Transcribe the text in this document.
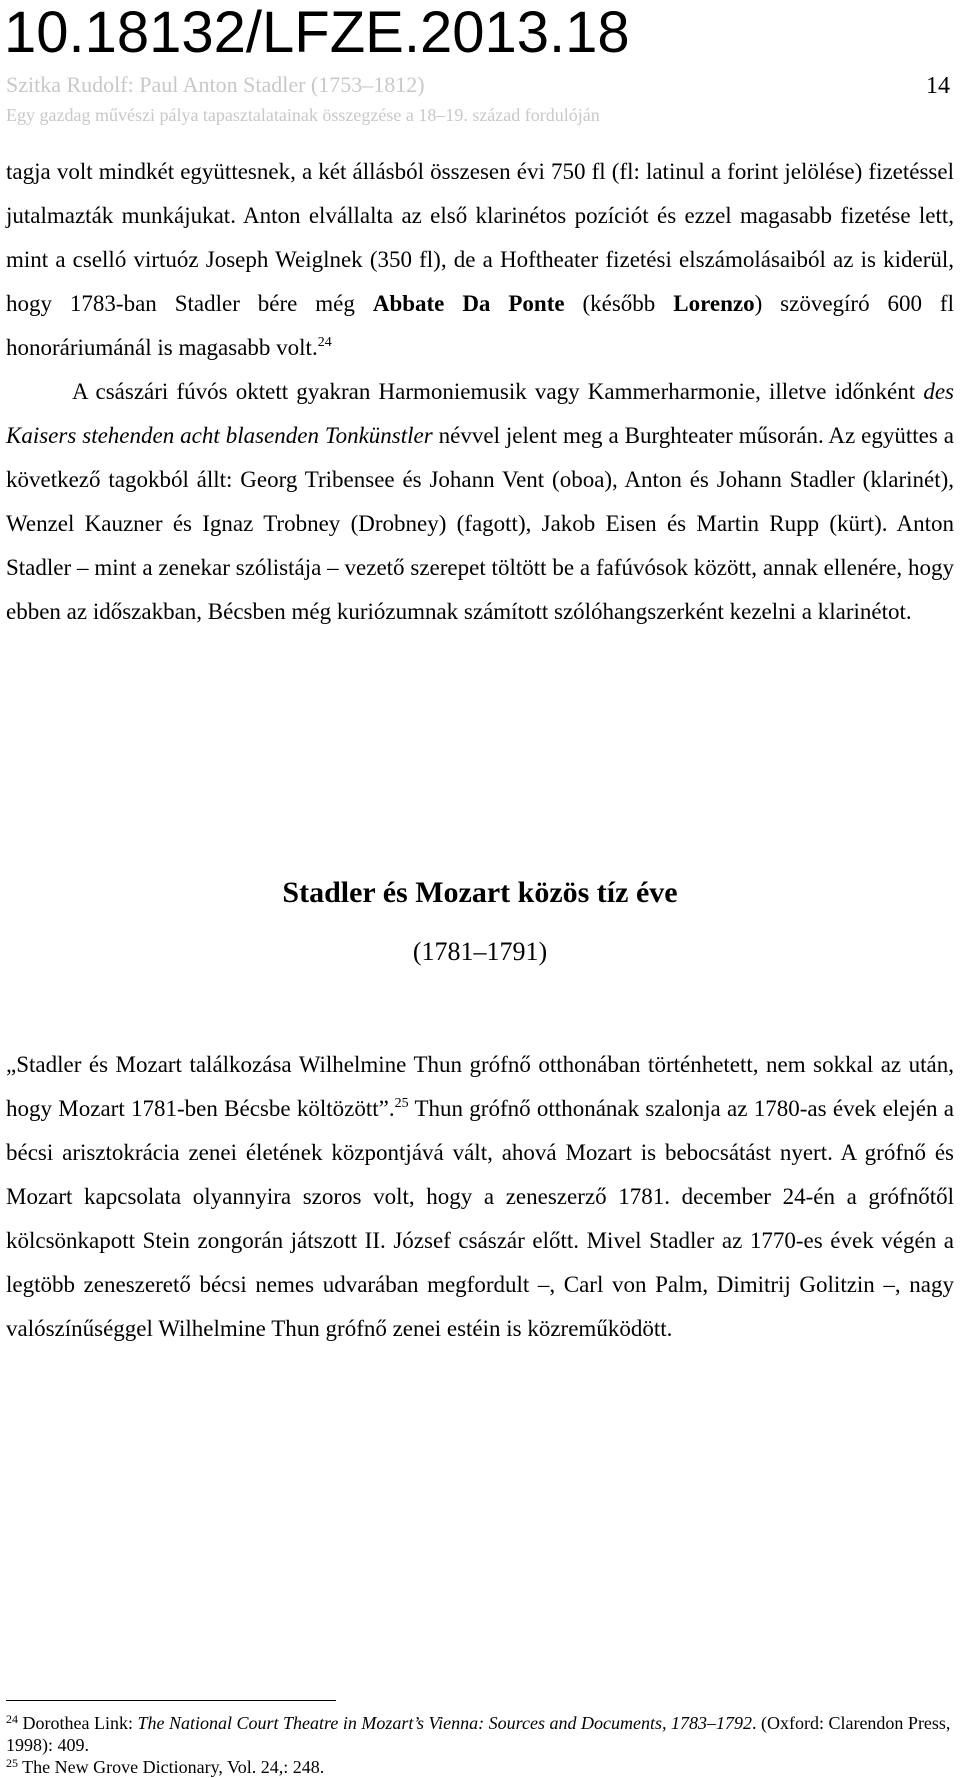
10.18132/LFZE.2013.18
Szitka Rudolf: Paul Anton Stadler (1753–1812)
Egy gazdag művészi pálya tapasztalatainak összegzése a 18–19. század fordulóján
14

tagja volt mindkét együttesnek, a két állásból összesen évi 750 fl (fl: latinul a forint jelölése) fizetéssel jutalmazták munkájukat. Anton elvállalta az első klarinétos pozíciót és ezzel magasabb fizetése lett, mint a cselló virtuóz Joseph Weiglnek (350 fl), de a Hoftheater fizetési elszámolásaiból az is kiderül, hogy 1783-ban Stadler bére még Abbate Da Ponte (később Lorenzo) szövegíró 600 fl honoráriumánál is magasabb volt.$^{24}$

A császári fúvós oktett gyakran Harmoniemusik vagy Kammerharmonie, illetve időnként des Kaisers stehenden acht blasenden Tonkünstler névvel jelent meg a Burghteater műsorán. Az együttes a következő tagokból állt: Georg Tribensee és Johann Vent (oboa), Anton és Johann Stadler (klarinét), Wenzel Kauzner és Ignaz Trobney (Drobney) (fagott), Jakob Eisen és Martin Rupp (kürt). Anton Stadler – mint a zenekar szólistája – vezető szerepet töltött be a fafúvósok között, annak ellenére, hogy ebben az időszakban, Bécsben még kuriózumnak számított szólóhangszerként kezelni a klarinétot.

Stadler és Mozart közös tíz éve
(1781–1791)

„Stadler és Mozart találkozása Wilhelmine Thun grófnő otthonában történhetett, nem sokkal az után, hogy Mozart 1781-ben Bécsbe költözött”.$^{25}$ Thun grófnő otthonának szalonja az 1780-as évek elején a bécsi arisztokrácia zenei életének központjává vált, ahová Mozart is bebocsátást nyert. A grófnő és Mozart kapcsolata olyannyira szoros volt, hogy a zeneszerző 1781. december 24-én a grófnőtől kölcsönkapott Stein zongorán játszott II. József császár előtt. Mivel Stadler az 1770-es évek végén a legtöbb zeneszerető bécsi nemes udvarában megfordult –, Carl von Palm, Dimitrij Golitzin –, nagy valószínűséggel Wilhelmine Thun grófnő zenei estéin is közreműködött.

$^{24}$ Dorothea Link: The National Court Theatre in Mozart’s Vienna: Sources and Documents, 1783–1792. (Oxford: Clarendon Press, 1998): 409.

$^{25}$ The New Grove Dictionary, Vol. 24,: 248.
